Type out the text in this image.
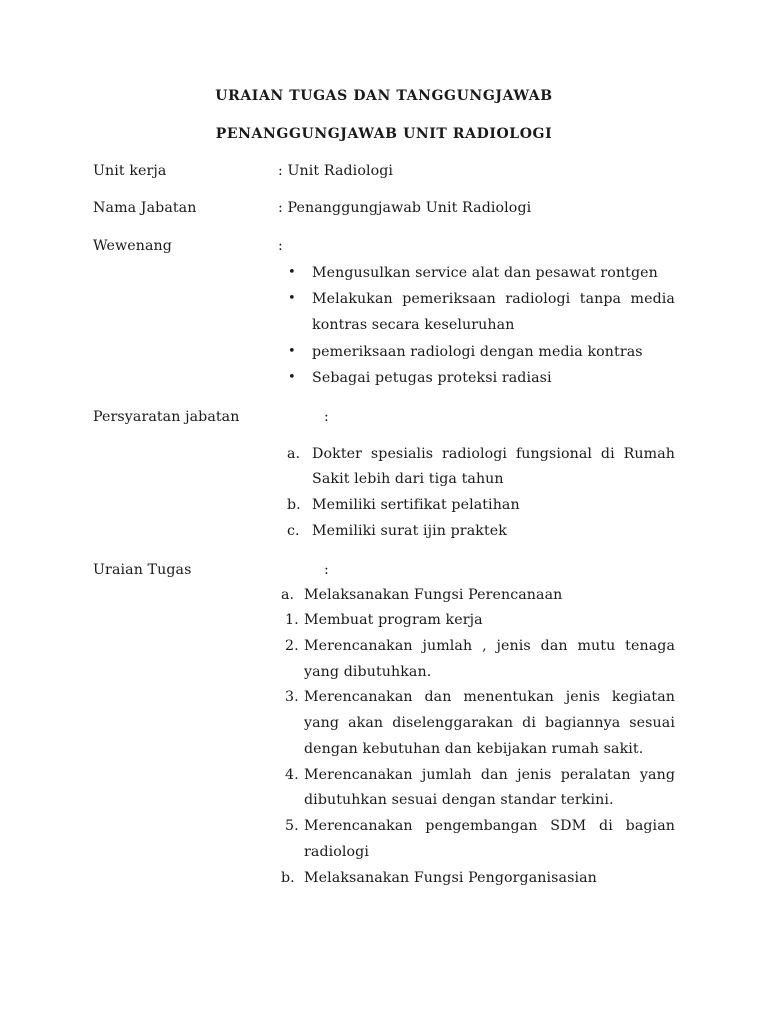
URAIAN TUGAS DAN TANGGUNGJAWAB
PENANGGUNGJAWAB UNIT RADIOLOGI
Unit kerja	: Unit Radiologi
Nama Jabatan	: Penanggungjawab Unit Radiologi
Wewenang	:
• Mengusulkan service alat dan pesawat rontgen
• Melakukan pemeriksaan radiologi tanpa media
kontras secara keseluruhan
• pemeriksaan radiologi dengan media kontras
• Sebagai petugas proteksi radiasi
Persyaratan jabatan	:
a. Dokter spesialis radiologi fungsional di Rumah
Sakit lebih dari tiga tahun
b. Memiliki sertifikat pelatihan
c. Memiliki surat ijin praktek
Uraian Tugas	:
a. Melaksanakan Fungsi Perencanaan
1. Membuat program kerja
2. Merencanakan jumlah , jenis dan mutu tenaga
yang dibutuhkan.
3. Merencanakan dan menentukan jenis kegiatan
yang akan diselenggarakan di bagiannya sesuai
dengan kebutuhan dan kebijakan rumah sakit.
4. Merencanakan jumlah dan jenis peralatan yang
dibutuhkan sesuai dengan standar terkini.
5. Merencanakan pengembangan SDM di bagian
radiologi
b. Melaksanakan Fungsi Pengorganisasian
